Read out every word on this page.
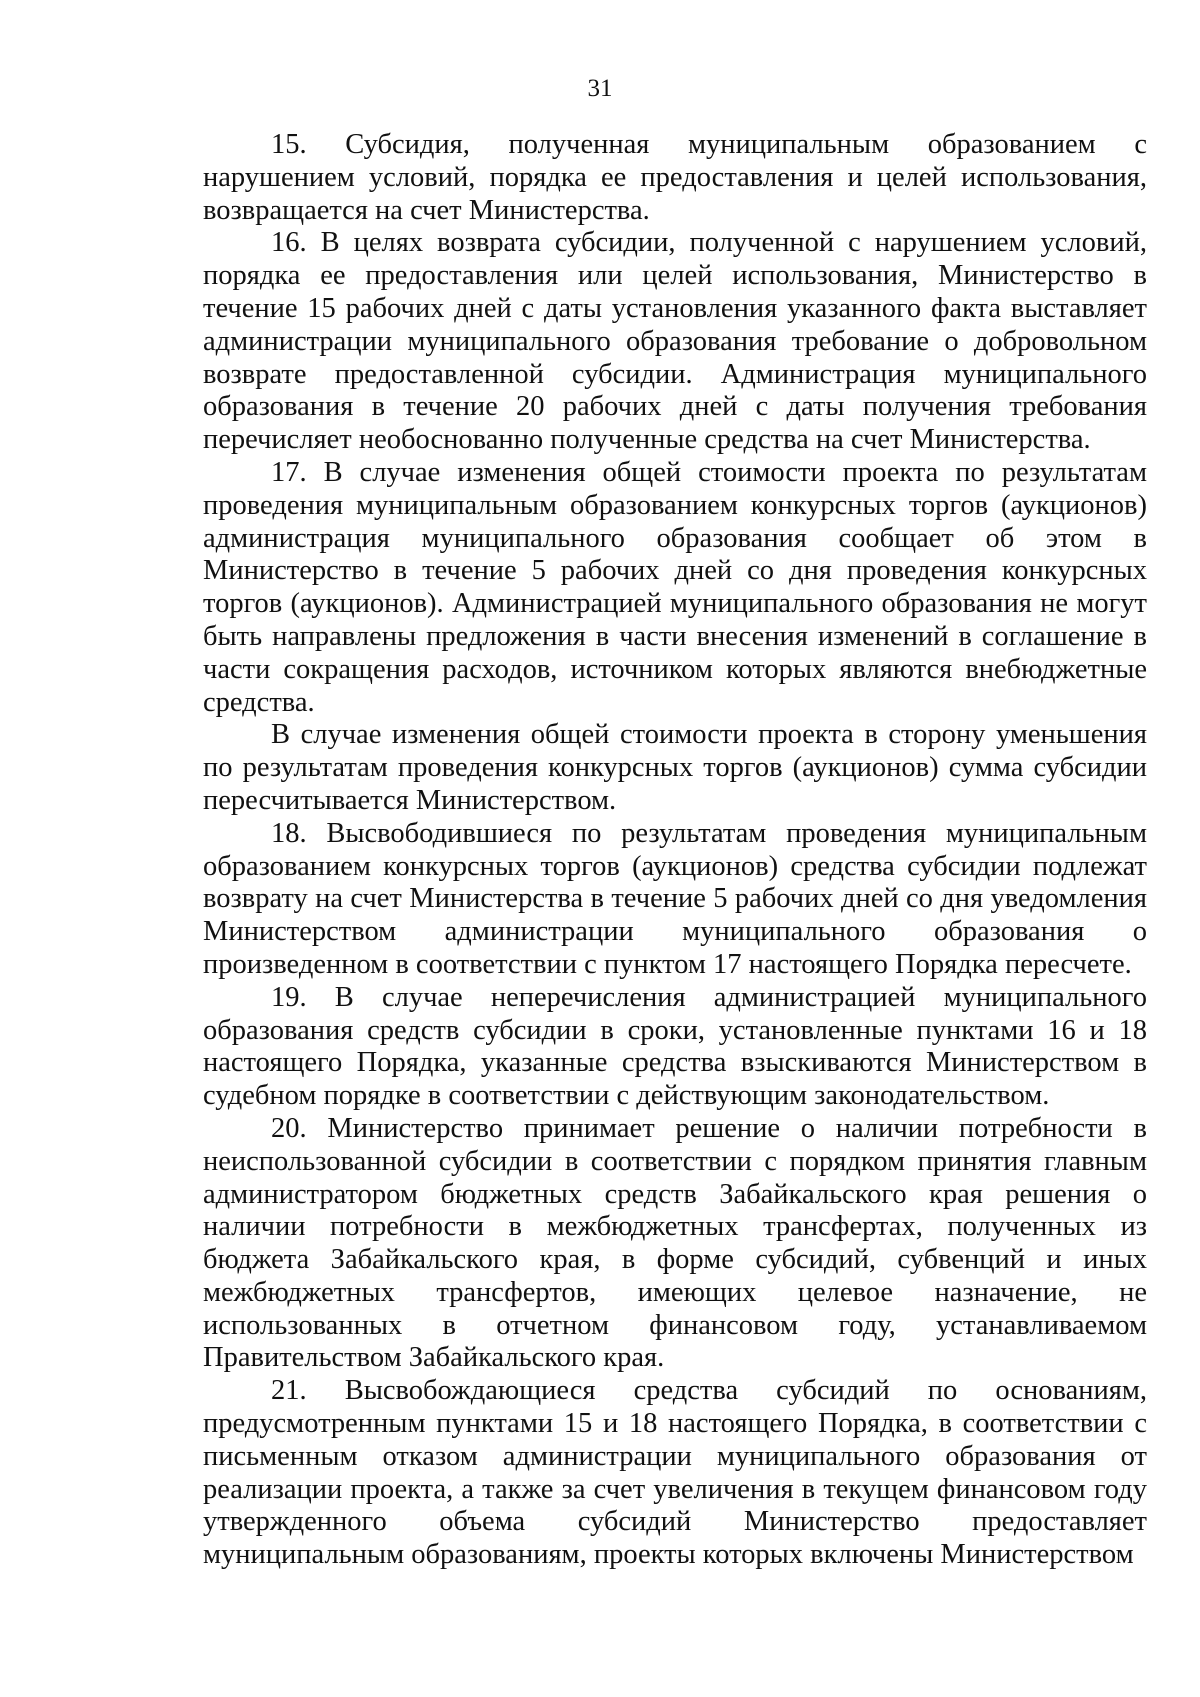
31

15. Субсидия, полученная муниципальным образованием с нарушением условий, порядка ее предоставления и целей использования, возвращается на счет Министерства.

16. В целях возврата субсидии, полученной с нарушением условий, порядка ее предоставления или целей использования, Министерство в течение 15 рабочих дней с даты установления указанного факта выставляет администрации муниципального образования требование о добровольном возврате предоставленной субсидии. Администрация муниципального образования в течение 20 рабочих дней с даты получения требования перечисляет необоснованно полученные средства на счет Министерства.

17. В случае изменения общей стоимости проекта по результатам проведения муниципальным образованием конкурсных торгов (аукционов) администрация муниципального образования сообщает об этом в Министерство в течение 5 рабочих дней со дня проведения конкурсных торгов (аукционов). Администрацией муниципального образования не могут быть направлены предложения в части внесения изменений в соглашение в части сокращения расходов, источником которых являются внебюджетные средства.

В случае изменения общей стоимости проекта в сторону уменьшения по результатам проведения конкурсных торгов (аукционов) сумма субсидии пересчитывается Министерством.

18. Высвободившиеся по результатам проведения муниципальным образованием конкурсных торгов (аукционов) средства субсидии подлежат возврату на счет Министерства в течение 5 рабочих дней со дня уведомления Министерством администрации муниципального образования о произведенном в соответствии с пунктом 17 настоящего Порядка пересчете.

19. В случае неперечисления администрацией муниципального образования средств субсидии в сроки, установленные пунктами 16 и 18 настоящего Порядка, указанные средства взыскиваются Министерством в судебном порядке в соответствии с действующим законодательством.

20. Министерство принимает решение о наличии потребности в неиспользованной субсидии в соответствии с порядком принятия главным администратором бюджетных средств Забайкальского края решения о наличии потребности в межбюджетных трансфертах, полученных из бюджета Забайкальского края, в форме субсидий, субвенций и иных межбюджетных трансфертов, имеющих целевое назначение, не использованных в отчетном финансовом году, устанавливаемом Правительством Забайкальского края.

21. Высвобождающиеся средства субсидий по основаниям, предусмотренным пунктами 15 и 18 настоящего Порядка, в соответствии с письменным отказом администрации муниципального образования от реализации проекта, а также за счет увеличения в текущем финансовом году утвержденного объема субсидий Министерство предоставляет муниципальным образованиям, проекты которых включены Министерством
